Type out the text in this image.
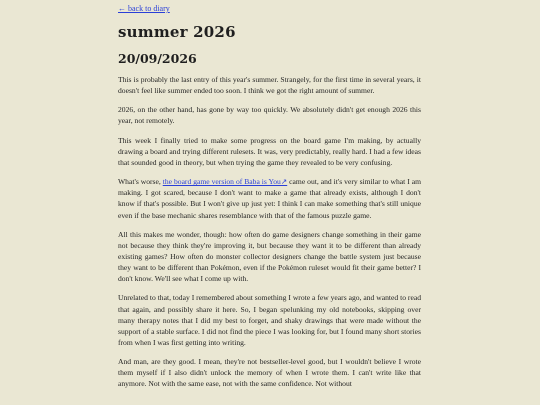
← back to diary
summer 2026
20/09/2026

This is probably the last entry of this year's summer. Strangely, for the first time in several years, it doesn't feel like summer ended too soon. I think we got the right amount of summer.

2026, on the other hand, has gone by way too quickly. We absolutely didn't get enough 2026 this year, not remotely.

This week I finally tried to make some progress on the board game I'm making, by actually drawing a board and trying different rulesets. It was, very predictably, really hard. I had a few ideas that sounded good in theory, but when trying the game they revealed to be very confusing.

What's worse, the board game version of Baba is You↗ came out, and it's very similar to what I am making. I got scared, because I don't want to make a game that already exists, although I don't know if that's possible. But I won't give up just yet: I think I can make something that's still unique even if the base mechanic shares resemblance with that of the famous puzzle game.

All this makes me wonder, though: how often do game designers change something in their game not because they think they're improving it, but because they want it to be different than already existing games? How often do monster collector designers change the battle system just because they want to be different than Pokémon, even if the Pokémon ruleset would fit their game better? I don't know. We'll see what I come up with.

Unrelated to that, today I remembered about something I wrote a few years ago, and wanted to read that again, and possibly share it here. So, I began spelunking my old notebooks, skipping over many therapy notes that I did my best to forget, and shaky drawings that were made without the support of a stable surface. I did not find the piece I was looking for, but I found many short stories from when I was first getting into writing.

And man, are they good. I mean, they're not bestseller-level good, but I wouldn't believe I wrote them myself if I also didn't unlock the memory of when I wrote them. I can't write like that anymore. Not with the same ease, not with the same confidence. Not without
